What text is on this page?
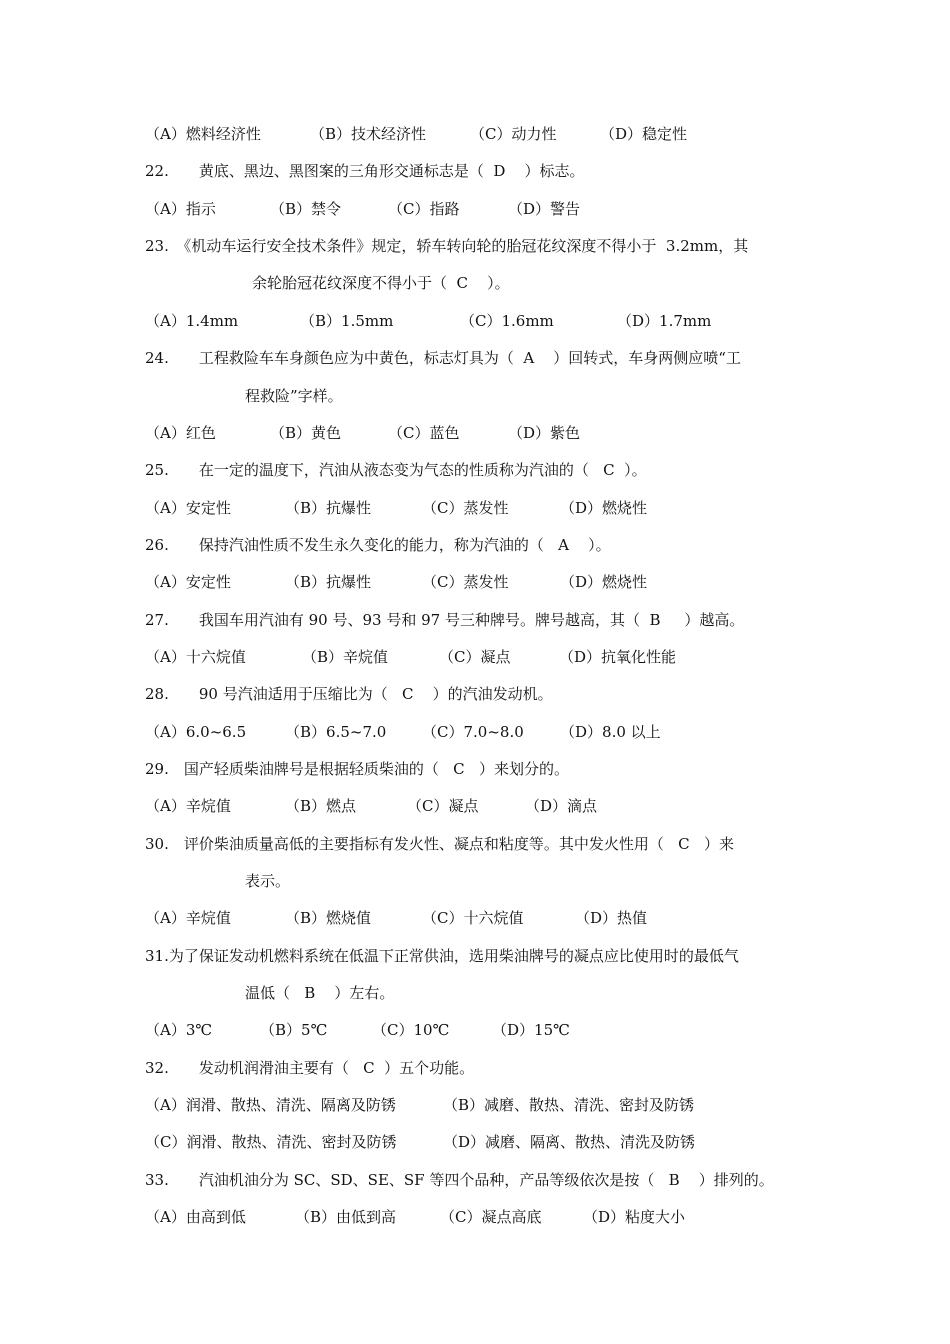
（A）燃料经济性	（B）技术经济性	（C）动力性	（D）稳定性
22.　　黄底、黑边、黑图案的三角形交通标志是（  D    ）标志。
（A）指示	（B）禁令	（C）指路	（D）警告
23.　《机动车运行安全技术条件》规定，轿车转向轮的胎冠花纹深度不得小于  3.2mm，其
余轮胎冠花纹深度不得小于（  C    ）。
（A）1.4mm	（B）1.5mm	（C）1.6mm	（D）1.7mm
24.　　工程救险车车身颜色应为中黄色，标志灯具为（  A    ）回转式，车身两侧应喷“工
程救险”字样。
（A）红色	（B）黄色	（C）蓝色	（D）紫色
25.　　在一定的温度下，汽油从液态变为气态的性质称为汽油的（   C  ）。
（A）安定性	（B）抗爆性	（C）蒸发性	（D）燃烧性
26.　　保持汽油性质不发生永久变化的能力，称为汽油的（   A    ）。
（A）安定性	（B）抗爆性	（C）蒸发性	（D）燃烧性
27.　　我国车用汽油有 90 号、93 号和 97 号三种牌号。牌号越高，其（  B     ）越高。
（A）十六烷值	（B）辛烷值	（C）凝点	（D）抗氧化性能
28.　　90 号汽油适用于压缩比为（   C    ）的汽油发动机。
（A）6.0~6.5	（B）6.5~7.0	（C）7.0~8.0	（D）8.0 以上
29.　国产轻质柴油牌号是根据轻质柴油的（   C   ）来划分的。
（A）辛烷值	（B）燃点	（C）凝点	（D）滴点
30.　评价柴油质量高低的主要指标有发火性、凝点和粘度等。其中发火性用（   C   ）来
表示。
（A）辛烷值	（B）燃烧值	（C）十六烷值	（D）热值
31.为了保证发动机燃料系统在低温下正常供油，选用柴油牌号的凝点应比使用时的最低气
温低（   B    ）左右。
（A）3℃	（B）5℃	（C）10℃	（D）15℃
32.　　发动机润滑油主要有（   C  ）五个功能。
（A）润滑、散热、清洗、隔离及防锈	（B）减磨、散热、清洗、密封及防锈
（C）润滑、散热、清洗、密封及防锈	（D）减磨、隔离、散热、清洗及防锈
33.　　汽油机油分为 SC、SD、SE、SF 等四个品种，产品等级依次是按（   B    ）排列的。
（A）由高到低	（B）由低到高	（C）凝点高底	（D）粘度大小
